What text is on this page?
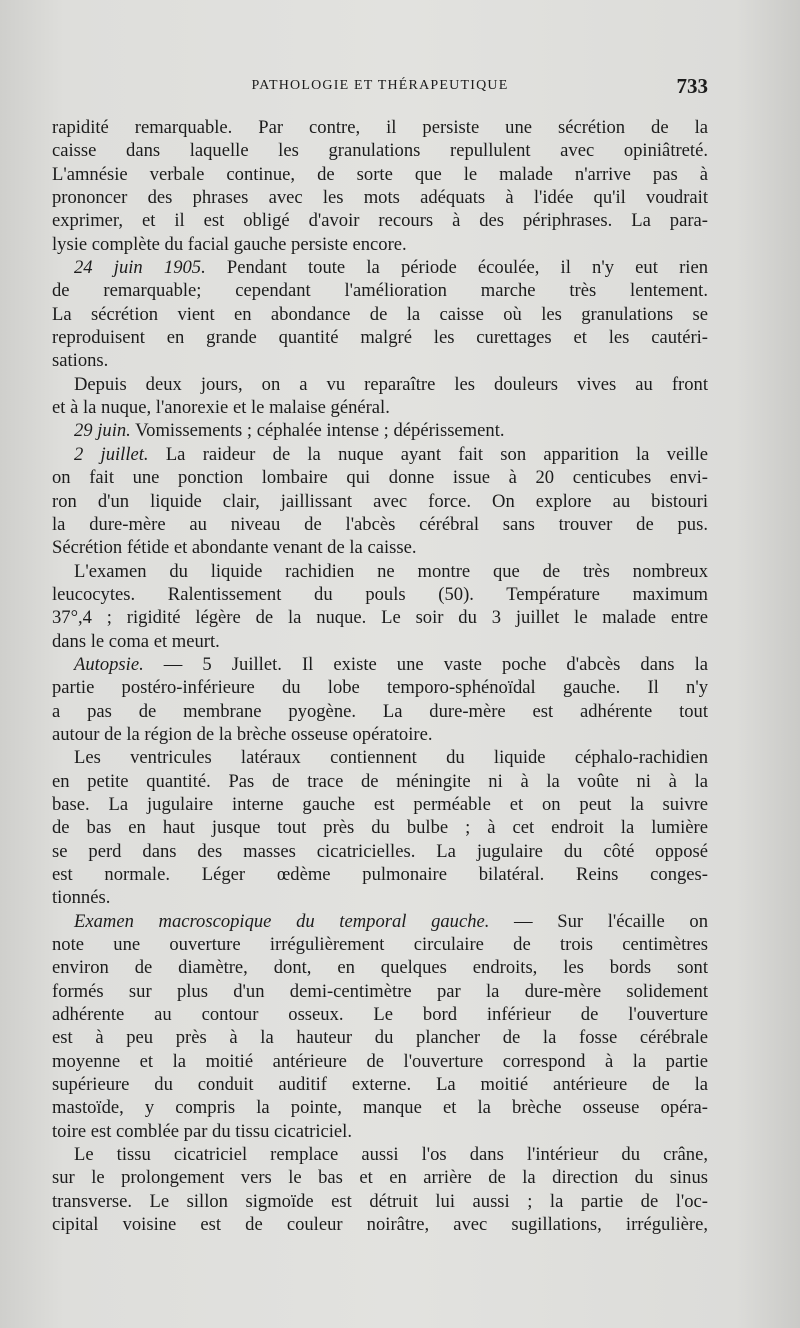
PATHOLOGIE ET THÉRAPEUTIQUE	733
rapidité remarquable. Par contre, il persiste une sécrétion de la
caisse dans laquelle les granulations repullulent avec opiniâtreté.
L'amnésie verbale continue, de sorte que le malade n'arrive pas à
prononcer des phrases avec les mots adéquats à l'idée qu'il voudrait
exprimer, et il est obligé d'avoir recours à des périphrases. La para-
lysie complète du facial gauche persiste encore.
24 juin 1905. Pendant toute la période écoulée, il n'y eut rien
de remarquable; cependant l'amélioration marche très lentement.
La sécrétion vient en abondance de la caisse où les granulations se
reproduisent en grande quantité malgré les curettages et les cautéri-
sations.
Depuis deux jours, on a vu reparaître les douleurs vives au front
et à la nuque, l'anorexie et le malaise général.
29 juin. Vomissements ; céphalée intense ; dépérissement.
2 juillet. La raideur de la nuque ayant fait son apparition la veille
on fait une ponction lombaire qui donne issue à 20 centicubes envi-
ron d'un liquide clair, jaillissant avec force. On explore au bistouri
la dure-mère au niveau de l'abcès cérébral sans trouver de pus.
Sécrétion fétide et abondante venant de la caisse.
L'examen du liquide rachidien ne montre que de très nombreux
leucocytes. Ralentissement du pouls (50). Température maximum
37°,4 ; rigidité légère de la nuque. Le soir du 3 juillet le malade entre
dans le coma et meurt.
Autopsie. — 5 Juillet. Il existe une vaste poche d'abcès dans la
partie postéro-inférieure du lobe temporo-sphénoïdal gauche. Il n'y
a pas de membrane pyogène. La dure-mère est adhérente tout
autour de la région de la brèche osseuse opératoire.
Les ventricules latéraux contiennent du liquide céphalo-rachidien
en petite quantité. Pas de trace de méningite ni à la voûte ni à la
base. La jugulaire interne gauche est perméable et on peut la suivre
de bas en haut jusque tout près du bulbe ; à cet endroit la lumière
se perd dans des masses cicatricielles. La jugulaire du côté opposé
est normale. Léger œdème pulmonaire bilatéral. Reins conges-
tionnés.
Examen macroscopique du temporal gauche. — Sur l'écaille on
note une ouverture irrégulièrement circulaire de trois centimètres
environ de diamètre, dont, en quelques endroits, les bords sont
formés sur plus d'un demi-centimètre par la dure-mère solidement
adhérente au contour osseux. Le bord inférieur de l'ouverture
est à peu près à la hauteur du plancher de la fosse cérébrale
moyenne et la moitié antérieure de l'ouverture correspond à la partie
supérieure du conduit auditif externe. La moitié antérieure de la
mastoïde, y compris la pointe, manque et la brèche osseuse opéra-
toire est comblée par du tissu cicatriciel.
Le tissu cicatriciel remplace aussi l'os dans l'intérieur du crâne,
sur le prolongement vers le bas et en arrière de la direction du sinus
transverse. Le sillon sigmoïde est détruit lui aussi ; la partie de l'oc-
cipital voisine est de couleur noirâtre, avec sugillations, irrégulière,
